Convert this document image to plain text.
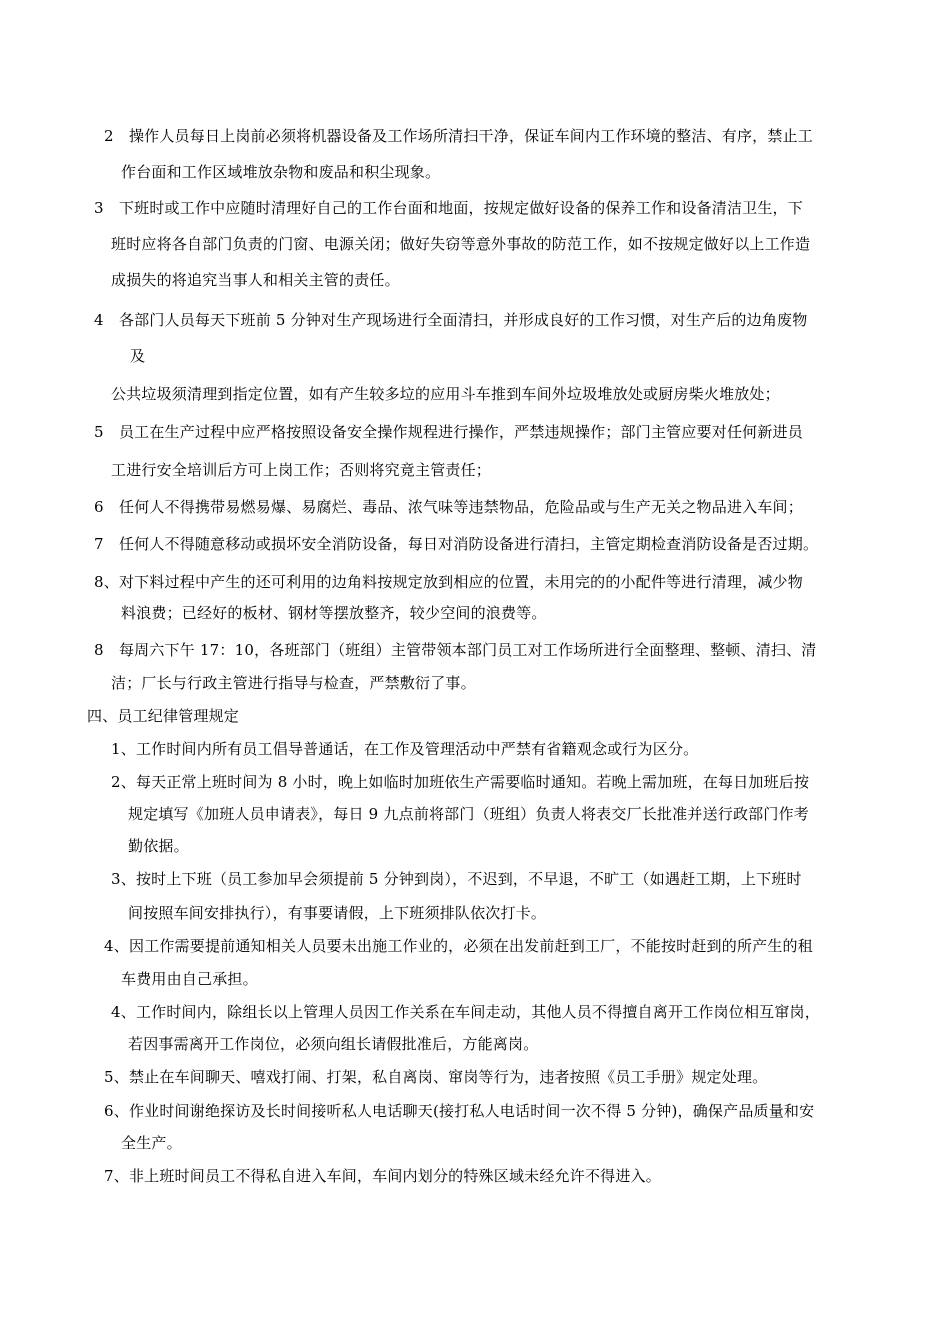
2　操作人员每日上岗前必须将机器设备及工作场所清扫干净，保证车间内工作环境的整洁、有序，禁止工
作台面和工作区域堆放杂物和废品和积尘现象。
3　下班时或工作中应随时清理好自己的工作台面和地面，按规定做好设备的保养工作和设备清洁卫生，下
班时应将各自部门负责的门窗、电源关闭；做好失窃等意外事故的防范工作，如不按规定做好以上工作造
成损失的将追究当事人和相关主管的责任。
4　各部门人员每天下班前 5 分钟对生产现场进行全面清扫，并形成良好的工作习惯，对生产后的边角废物
及
公共垃圾须清理到指定位置，如有产生较多垃的应用斗车推到车间外垃圾堆放处或厨房柴火堆放处；
5　员工在生产过程中应严格按照设备安全操作规程进行操作，严禁违规操作；部门主管应要对任何新进员
工进行安全培训后方可上岗工作；否则将究竟主管责任；
6　任何人不得携带易燃易爆、易腐烂、毒品、浓气味等违禁物品，危险品或与生产无关之物品进入车间；
7　任何人不得随意移动或损坏安全消防设备，每日对消防设备进行清扫，主管定期检查消防设备是否过期。
8、对下料过程中产生的还可利用的边角料按规定放到相应的位置，未用完的的小配件等进行清理，减少物
料浪费；已经好的板材、钢材等摆放整齐，较少空间的浪费等。
8　每周六下午 17：10，各班部门（班组）主管带领本部门员工对工作场所进行全面整理、整顿、清扫、清
洁；厂长与行政主管进行指导与检查，严禁敷衍了事。
四、员工纪律管理规定
1、工作时间内所有员工倡导普通话，在工作及管理活动中严禁有省籍观念或行为区分。
2、每天正常上班时间为 8 小时，晚上如临时加班依生产需要临时通知。若晚上需加班，在每日加班后按
规定填写《加班人员申请表》，每日 9 九点前将部门（班组）负责人将表交厂长批准并送行政部门作考
勤依据。
3、按时上下班（员工参加早会须提前 5 分钟到岗），不迟到，不早退，不旷工（如遇赶工期，上下班时
间按照车间安排执行），有事要请假，上下班须排队依次打卡。
4、因工作需要提前通知相关人员要未出施工作业的，必须在出发前赶到工厂，不能按时赶到的所产生的租
车费用由自己承担。
4、工作时间内，除组长以上管理人员因工作关系在车间走动，其他人员不得擅自离开工作岗位相互窜岗，
若因事需离开工作岗位，必须向组长请假批准后，方能离岗。
5、禁止在车间聊天、嘻戏打闹、打架，私自离岗、窜岗等行为，违者按照《员工手册》规定处理。
6、作业时间谢绝探访及长时间接听私人电话聊天(接打私人电话时间一次不得 5 分钟)，确保产品质量和安
全生产。
7、非上班时间员工不得私自进入车间，车间内划分的特殊区域未经允许不得进入。
